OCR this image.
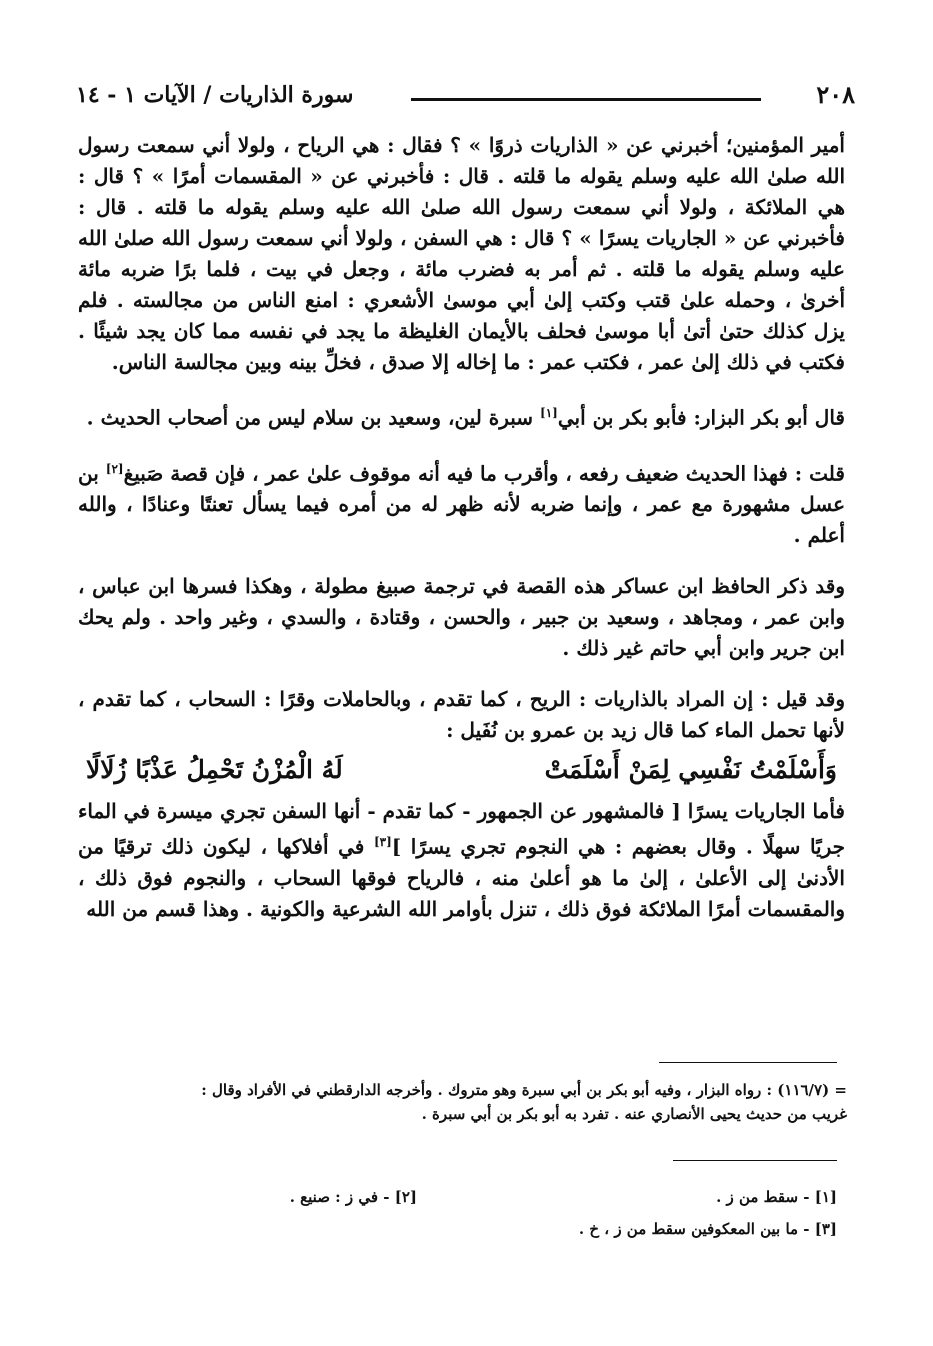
٢٠٨
سورة الذاريات / الآيات ١ - ١٤

أمير المؤمنين؛ أخبرني عن « الذاريات ذروًا » ؟ فقال : هي الرياح ، ولولا أني سمعت رسول الله صلىٰ الله عليه وسلم يقوله ما قلته . قال : فأخبرني عن « المقسمات أمرًا » ؟ قال : هي الملائكة ، ولولا أني سمعت رسول الله صلىٰ الله عليه وسلم يقوله ما قلته . قال : فأخبرني عن « الجاريات يسرًا » ؟ قال : هي السفن ، ولولا أني سمعت رسول الله صلىٰ الله عليه وسلم يقوله ما قلته . ثم أمر به فضرب مائة ، وجعل في بيت ، فلما برًا ضربه مائة أخرىٰ ، وحمله علىٰ قتب وكتب إلىٰ أبي موسىٰ الأشعري : امنع الناس من مجالسته . فلم يزل كذلك حتىٰ أتىٰ أبا موسىٰ فحلف بالأيمان الغليظة ما يجد في نفسه مما كان يجد شيئًا . فكتب في ذلك إلىٰ عمر ، فكتب عمر : ما إخاله إلا صدق ، فخلِّ بينه وبين مجالسة الناس.

قال أبو بكر البزار: فأبو بكر بن أبي[١] سبرة لين، وسعيد بن سلام ليس من أصحاب الحديث .

قلت : فهذا الحديث ضعيف رفعه ، وأقرب ما فيه أنه موقوف علىٰ عمر ، فإن قصة صَبيغ[٢] بن عسل مشهورة مع عمر ، وإنما ضربه لأنه ظهر له من أمره فيما يسأل تعنتًا وعنادًا ، والله أعلم .

وقد ذكر الحافظ ابن عساكر هذه القصة في ترجمة صبيغ مطولة ، وهكذا فسرها ابن عباس ، وابن عمر ، ومجاهد ، وسعيد بن جبير ، والحسن ، وقتادة ، والسدي ، وغير واحد . ولم يحك ابن جرير وابن أبي حاتم غير ذلك .

وقد قيل : إن المراد بالذاريات : الريح ، كما تقدم ، وبالحاملات وقرًا : السحاب ، كما تقدم ، لأنها تحمل الماء كما قال زيد بن عمرو بن نُفَيل :

وَأَسْلَمْتُ نَفْسِي لِمَنْ أَسْلَمَتْ
لَهُ الْمُزْنُ تَحْمِلُ عَذْبًا زُلَالًا

فأما الجاريات يسرًا [ فالمشهور عن الجمهور - كما تقدم - أنها السفن تجري ميسرة في الماء جريًا سهلًا . وقال بعضهم : هي النجوم تجري يسرًا ][٣] في أفلاكها ، ليكون ذلك ترقيًا من الأدنىٰ إلى الأعلىٰ ، إلىٰ ما هو أعلىٰ منه ، فالرياح فوقها السحاب ، والنجوم فوق ذلك ، والمقسمات أمرًا الملائكة فوق ذلك ، تنزل بأوامر الله الشرعية والكونية . وهذا قسم من الله

= (١١٦/٧) : رواه البزار ، وفيه أبو بكر بن أبي سبرة وهو متروك . وأخرجه الدارقطني في الأفراد وقال :

غريب من حديث يحيى الأنصاري عنه . تفرد به أبو بكر بن أبي سبرة .

[١] - سقط من ز .
[٢] - في ز : صنيع .
[٣] - ما بين المعكوفين سقط من ز ، خ .
